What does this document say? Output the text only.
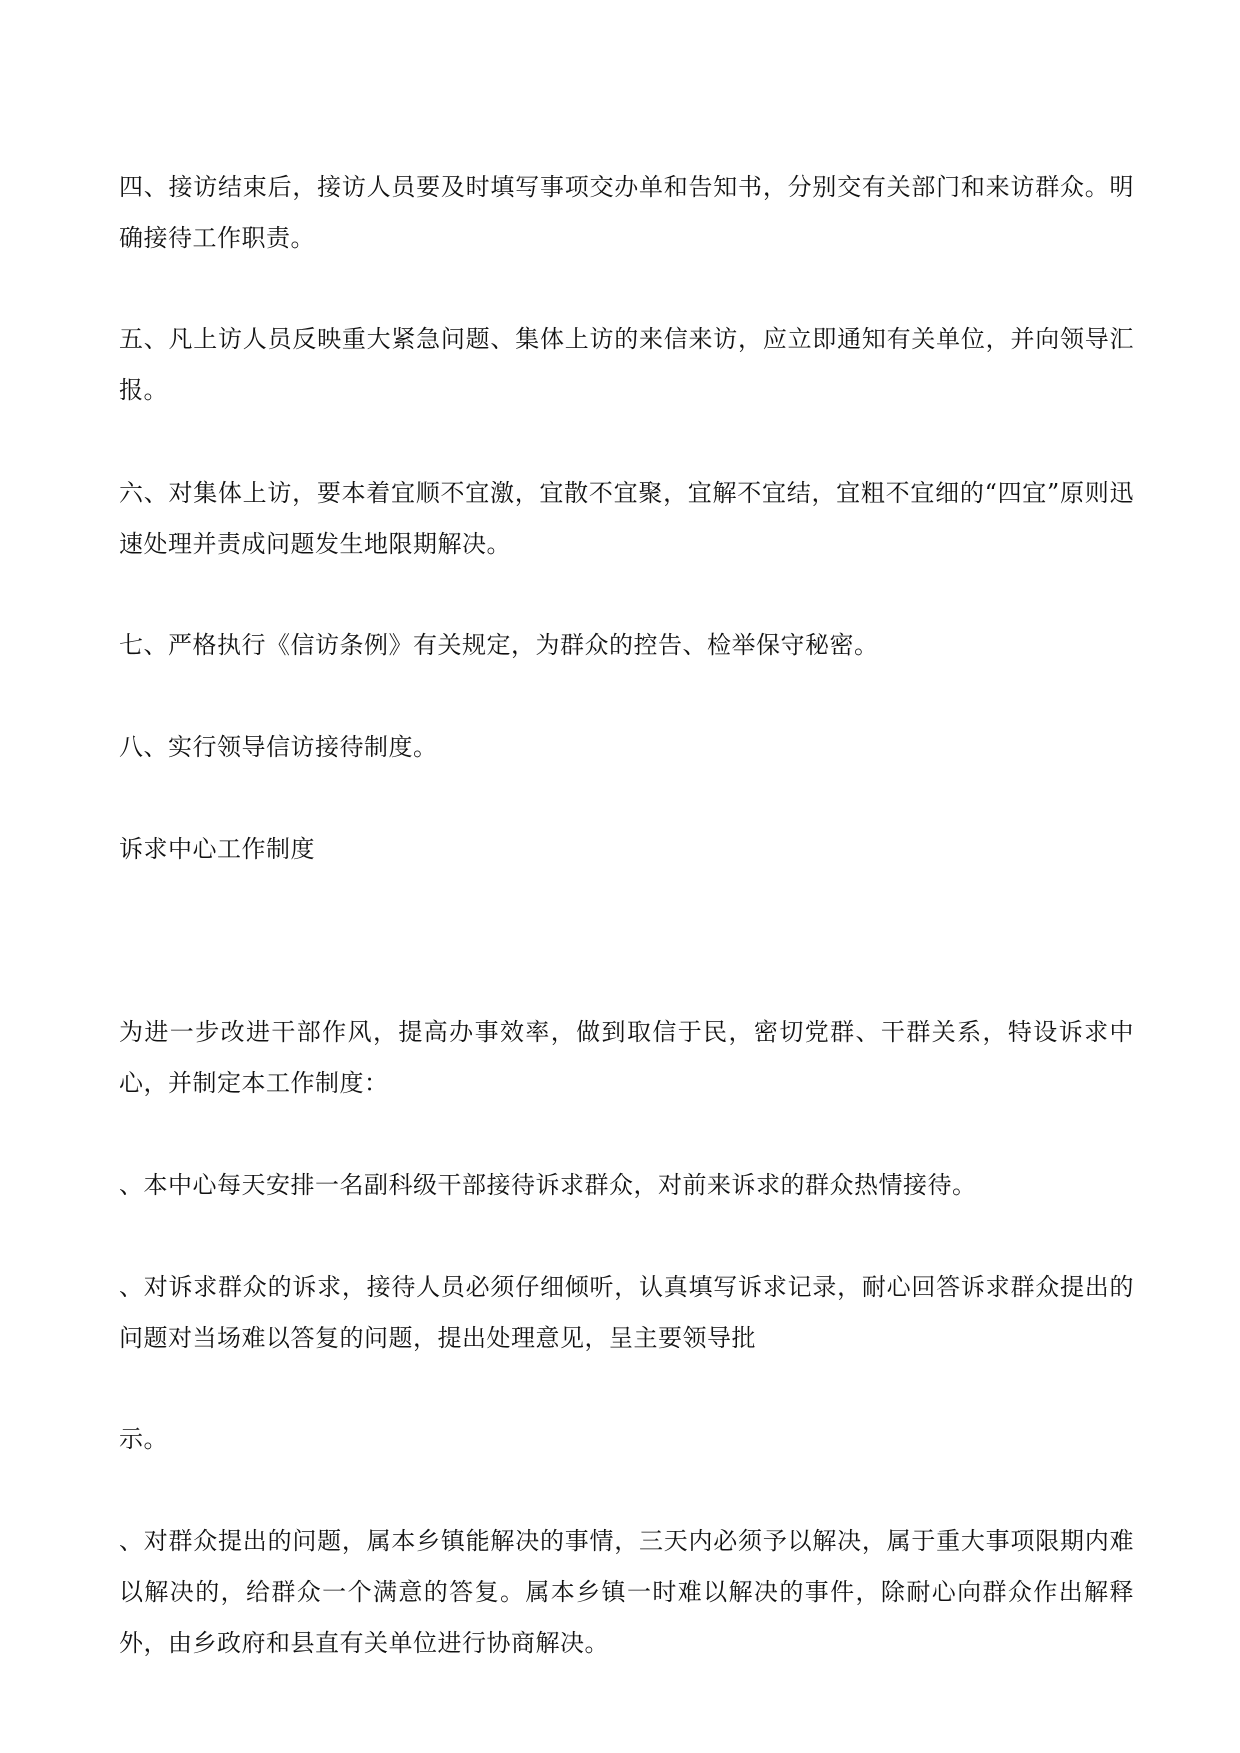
四、接访结束后，接访人员要及时填写事项交办单和告知书，分别交有关部门和来访群众。明确接待工作职责。

五、凡上访人员反映重大紧急问题、集体上访的来信来访，应立即通知有关单位，并向领导汇报。

六、对集体上访，要本着宜顺不宜激，宜散不宜聚，宜解不宜结，宜粗不宜细的“四宜”原则迅速处理并责成问题发生地限期解决。

七、严格执行《信访条例》有关规定，为群众的控告、检举保守秘密。

八、实行领导信访接待制度。

诉求中心工作制度

为进一步改进干部作风，提高办事效率，做到取信于民，密切党群、干群关系，特设诉求中心，并制定本工作制度：

、本中心每天安排一名副科级干部接待诉求群众，对前来诉求的群众热情接待。

、对诉求群众的诉求，接待人员必须仔细倾听，认真填写诉求记录，耐心回答诉求群众提出的问题对当场难以答复的问题，提出处理意见，呈主要领导批

示。

、对群众提出的问题，属本乡镇能解决的事情，三天内必须予以解决，属于重大事项限期内难以解决的，给群众一个满意的答复。属本乡镇一时难以解决的事件，除耐心向群众作出解释外，由乡政府和县直有关单位进行协商解决。
